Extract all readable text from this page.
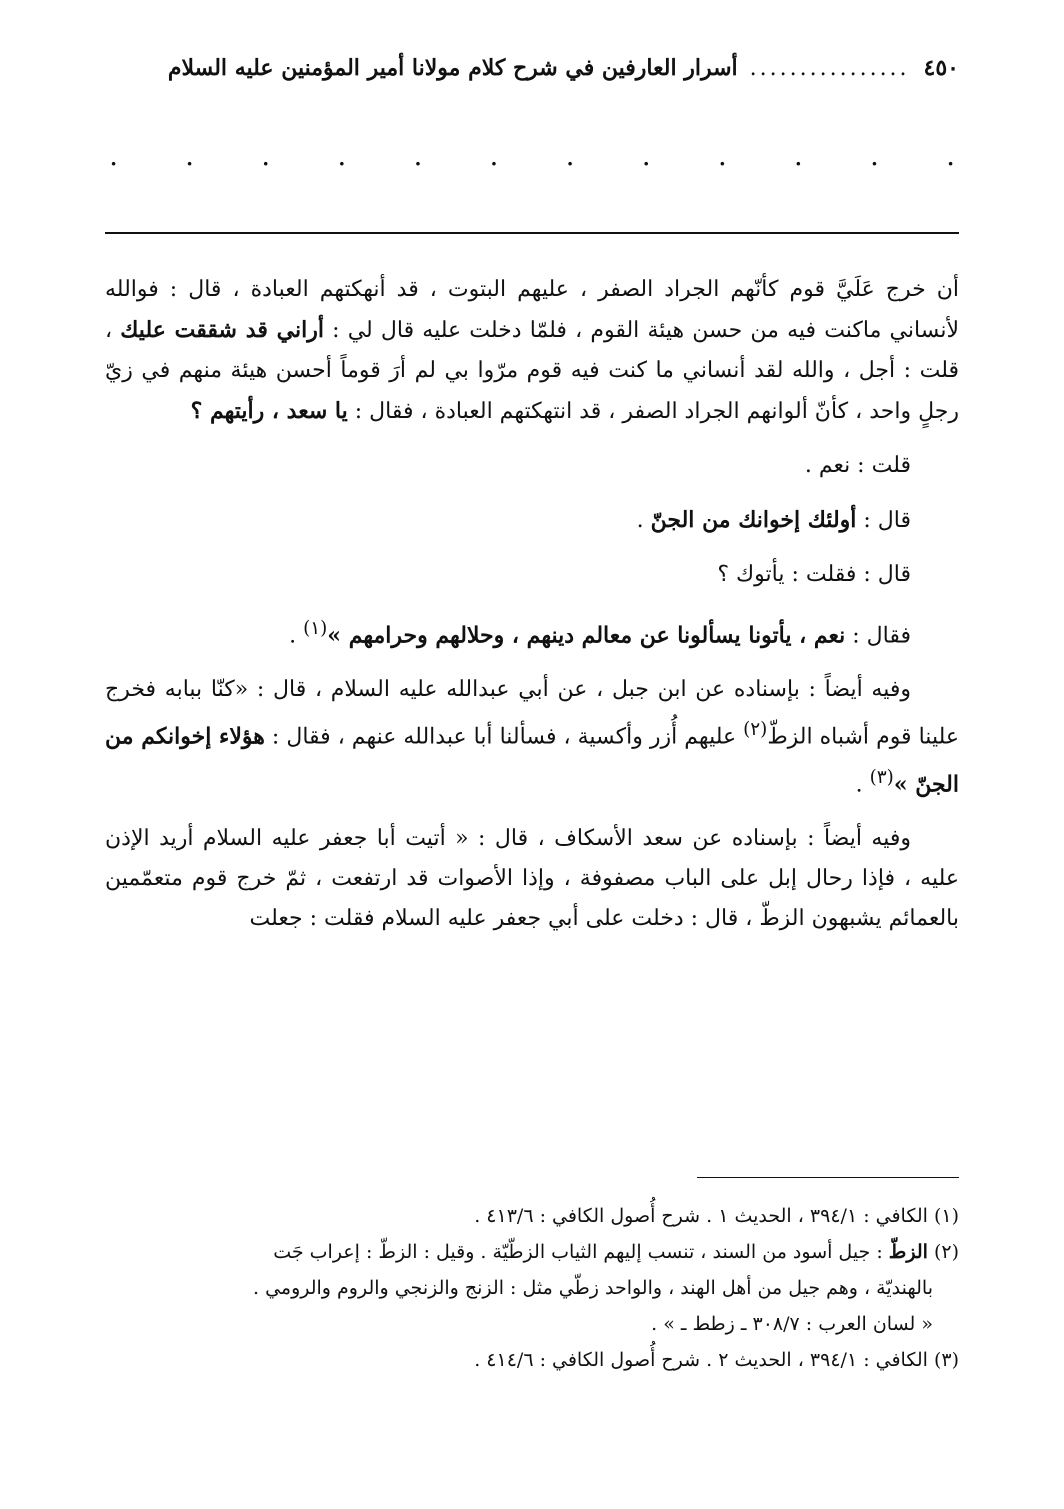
٤٥٠
................
أسرار العارفين في شرح كلام مولانا أمير المؤمنين عليه السلام
.
.
.
.
.
.
.
.
.
.
.
.

أن خرج عَلَيَّ قوم كأنّهم الجراد الصفر ، عليهم البتوت ، قد أنهكتهم العبادة ، قال : فوالله لأنساني ماكنت فيه من حسن هيئة القوم ، فلمّا دخلت عليه قال لي : أراني قد شققت عليك ، قلت : أجل ، والله لقد أنساني ما كنت فيه قوم مرّوا بي لم أرَ قوماً أحسن هيئة منهم في زيّ رجلٍ واحد ، كأنّ ألوانهم الجراد الصفر ، قد انتهكتهم العبادة ، فقال : يا سعد ، رأيتهم ؟

قلت : نعم .

قال : أولئك إخوانك من الجنّ .

قال : فقلت : يأتوك ؟

فقال : نعم ، يأتونا يسألونا عن معالم دينهم ، وحلالهم وحرامهم »$^{(١)}$ .

وفيه أيضاً : بإسناده عن ابن جبل ، عن أبي عبدالله عليه السلام ، قال : «كنّا ببابه فخرج علينا قوم أشباه الزطّ$^{(٢)}$ عليهم أُزر وأكسية ، فسألنا أبا عبدالله عنهم ، فقال : هؤلاء إخوانكم من الجنّ »$^{(٣)}$ .

وفيه أيضاً : بإسناده عن سعد الأسكاف ، قال : « أتيت أبا جعفر عليه السلام أريد الإذن عليه ، فإذا رحال إبل على الباب مصفوفة ، وإذا الأصوات قد ارتفعت ، ثمّ خرج قوم متعمّمين بالعمائم يشبهون الزطّ ، قال : دخلت على أبي جعفر عليه السلام فقلت : جعلت

(١) الكافي : ٣٩٤/١ ، الحديث ١ . شرح أُصول الكافي : ٤١٣/٦ .

(٢) الزطّ : جيل أسود من السند ، تنسب إليهم الثياب الزطّيّة . وقيل : الزطّ : إعراب جَت
بالهنديّة ، وهم جيل من أهل الهند ، والواحد زطّي مثل : الزنج والزنجي والروم والرومي .
« لسان العرب : ٣٠٨/٧ ـ زطط ـ » .

(٣) الكافي : ٣٩٤/١ ، الحديث ٢ . شرح أُصول الكافي : ٤١٤/٦ .
